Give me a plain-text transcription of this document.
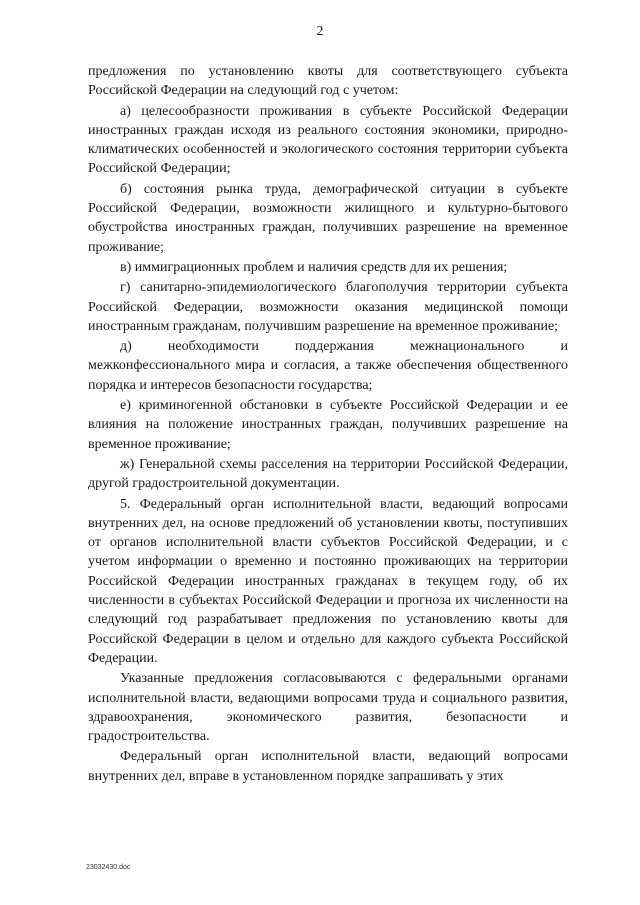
2

предложения по установлению квоты для соответствующего субъекта Российской Федерации на следующий год с учетом:

а) целесообразности проживания в субъекте Российской Федерации иностранных граждан исходя из реального состояния экономики, природно-климатических особенностей и экологического состояния территории субъекта Российской Федерации;

б) состояния рынка труда, демографической ситуации в субъекте Российской Федерации, возможности жилищного и культурно-бытового обустройства иностранных граждан, получивших разрешение на временное проживание;

в) иммиграционных проблем и наличия средств для их решения;

г) санитарно-эпидемиологического благополучия территории субъекта Российской Федерации, возможности оказания медицинской помощи иностранным гражданам, получившим разрешение на временное проживание;

д) необходимости поддержания межнационального и межконфессионального мира и согласия, а также обеспечения общественного порядка и интересов безопасности государства;

е) криминогенной обстановки в субъекте Российской Федерации и ее влияния на положение иностранных граждан, получивших разрешение на временное проживание;

ж) Генеральной схемы расселения на территории Российской Федерации, другой градостроительной документации.

5. Федеральный орган исполнительной власти, ведающий вопросами внутренних дел, на основе предложений об установлении квоты, поступивших от органов исполнительной власти субъектов Российской Федерации, и с учетом информации о временно и постоянно проживающих на территории Российской Федерации иностранных гражданах в текущем году, об их численности в субъектах Российской Федерации и прогноза их численности на следующий год разрабатывает предложения по установлению квоты для Российской Федерации в целом и отдельно для каждого субъекта Российской Федерации.

Указанные предложения согласовываются с федеральными органами исполнительной власти, ведающими вопросами труда и социального развития, здравоохранения, экономического развития, безопасности и градостроительства.

Федеральный орган исполнительной власти, ведающий вопросами внутренних дел, вправе в установленном порядке запрашивать у этих

23032430.doc
